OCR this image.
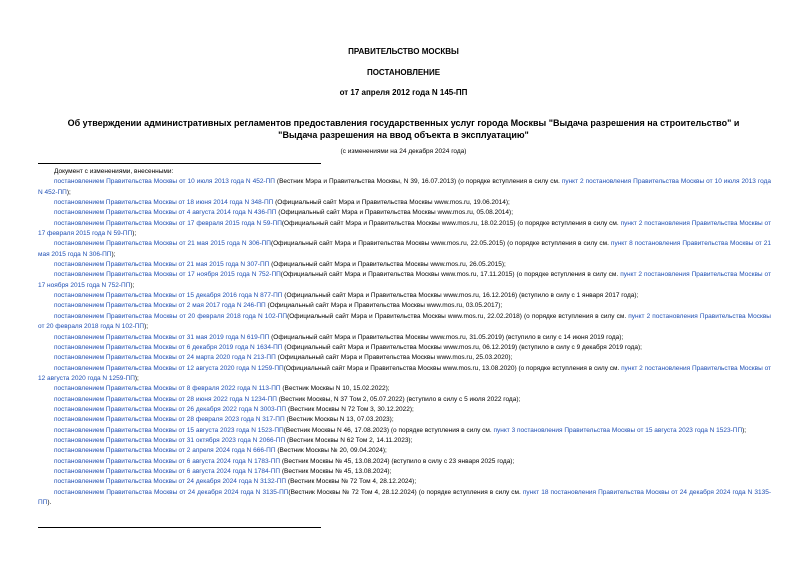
ПРАВИТЕЛЬСТВО МОСКВЫ
ПОСТАНОВЛЕНИЕ
от 17 апреля 2012 года N 145-ПП
Об утверждении административных регламентов предоставления государственных услуг города Москвы "Выдача разрешения на строительство" и "Выдача разрешения на ввод объекта в эксплуатацию"
(с изменениями на 24 декабря 2024 года)

Документ с изменениями, внесенными:

постановлением Правительства Москвы от 10 июля 2013 года N 452-ПП (Вестник Мэра и Правительства Москвы, N 39, 16.07.2013) (о порядке вступления в силу см. пункт 2 постановления Правительства Москвы от 10 июля 2013 года N 452-ПП);

постановлением Правительства Москвы от 18 июня 2014 года N 348-ПП (Официальный сайт Мэра и Правительства Москвы www.mos.ru, 19.06.2014);

постановлением Правительства Москвы от 4 августа 2014 года N 436-ПП (Официальный сайт Мэра и Правительства Москвы www.mos.ru, 05.08.2014);

постановлением Правительства Москвы от 17 февраля 2015 года N 59-ПП(Официальный сайт Мэра и Правительства Москвы www.mos.ru, 18.02.2015) (о порядке вступления в силу см. пункт 2 постановления Правительства Москвы от 17 февраля 2015 года N 59-ПП);

постановлением Правительства Москвы от 21 мая 2015 года N 306-ПП(Официальный сайт Мэра и Правительства Москвы www.mos.ru, 22.05.2015) (о порядке вступления в силу см. пункт 8 постановления Правительства Москвы от 21 мая 2015 года N 306-ПП);

постановлением Правительства Москвы от 21 мая 2015 года N 307-ПП (Официальный сайт Мэра и Правительства Москвы www.mos.ru, 26.05.2015);

постановлением Правительства Москвы от 17 ноября 2015 года N 752-ПП(Официальный сайт Мэра и Правительства Москвы www.mos.ru, 17.11.2015) (о порядке вступления в силу см. пункт 2 постановления Правительства Москвы от 17 ноября 2015 года N 752-ПП);

постановлением Правительства Москвы от 15 декабря 2016 года N 877-ПП (Официальный сайт Мэра и Правительства Москвы www.mos.ru, 16.12.2016) (вступило в силу с 1 января 2017 года);

постановлением Правительства Москвы от 2 мая 2017 года N 246-ПП (Официальный сайт Мэра и Правительства Москвы www.mos.ru, 03.05.2017);

постановлением Правительства Москвы от 20 февраля 2018 года N 102-ПП(Официальный сайт Мэра и Правительства Москвы www.mos.ru, 22.02.2018) (о порядке вступления в силу см. пункт 2 постановления Правительства Москвы от 20 февраля 2018 года N 102-ПП);

постановлением Правительства Москвы от 31 мая 2019 года N 619-ПП (Официальный сайт Мэра и Правительства Москвы www.mos.ru, 31.05.2019) (вступило в силу с 14 июня 2019 года);

постановлением Правительства Москвы от 6 декабря 2019 года N 1634-ПП (Официальный сайт Мэра и Правительства Москвы www.mos.ru, 06.12.2019) (вступило в силу с 9 декабря 2019 года);

постановлением Правительства Москвы от 24 марта 2020 года N 213-ПП (Официальный сайт Мэра и Правительства Москвы www.mos.ru, 25.03.2020);

постановлением Правительства Москвы от 12 августа 2020 года N 1259-ПП(Официальный сайт Мэра и Правительства Москвы www.mos.ru, 13.08.2020) (о порядке вступления в силу см. пункт 2 постановления Правительства Москвы от 12 августа 2020 года N 1259-ПП);

постановлением Правительства Москвы от 8 февраля 2022 года N 113-ПП (Вестник Москвы N 10, 15.02.2022);

постановлением Правительства Москвы от 28 июня 2022 года N 1234-ПП (Вестник Москвы, N 37 Том 2, 05.07.2022) (вступило в силу с 5 июля 2022 года);

постановлением Правительства Москвы от 26 декабря 2022 года N 3003-ПП (Вестник Москвы N 72 Том 3, 30.12.2022);

постановлением Правительства Москвы от 28 февраля 2023 года N 317-ПП (Вестник Москвы N 13, 07.03.2023);

постановлением Правительства Москвы от 15 августа 2023 года N 1523-ПП(Вестник Москвы N 46, 17.08.2023) (о порядке вступления в силу см. пункт 3 постановления Правительства Москвы от 15 августа 2023 года N 1523-ПП);

постановлением Правительства Москвы от 31 октября 2023 года N 2066-ПП (Вестник Москвы N 62 Том 2, 14.11.2023);

постановлением Правительства Москвы от 2 апреля 2024 года N 666-ПП (Вестник Москвы № 20, 09.04.2024);

постановлением Правительства Москвы от 6 августа 2024 года N 1783-ПП (Вестник Москвы № 45, 13.08.2024) (вступило в силу с 23 января 2025 года);

постановлением Правительства Москвы от 6 августа 2024 года N 1784-ПП (Вестник Москвы № 45, 13.08.2024);

постановлением Правительства Москвы от 24 декабря 2024 года N 3132-ПП (Вестник Москвы № 72 Том 4, 28.12.2024);

постановлением Правительства Москвы от 24 декабря 2024 года N 3135-ПП(Вестник Москвы № 72 Том 4, 28.12.2024) (о порядке вступления в силу см. пункт 18 постановления Правительства Москвы от 24 декабря 2024 года N 3135-ПП).
